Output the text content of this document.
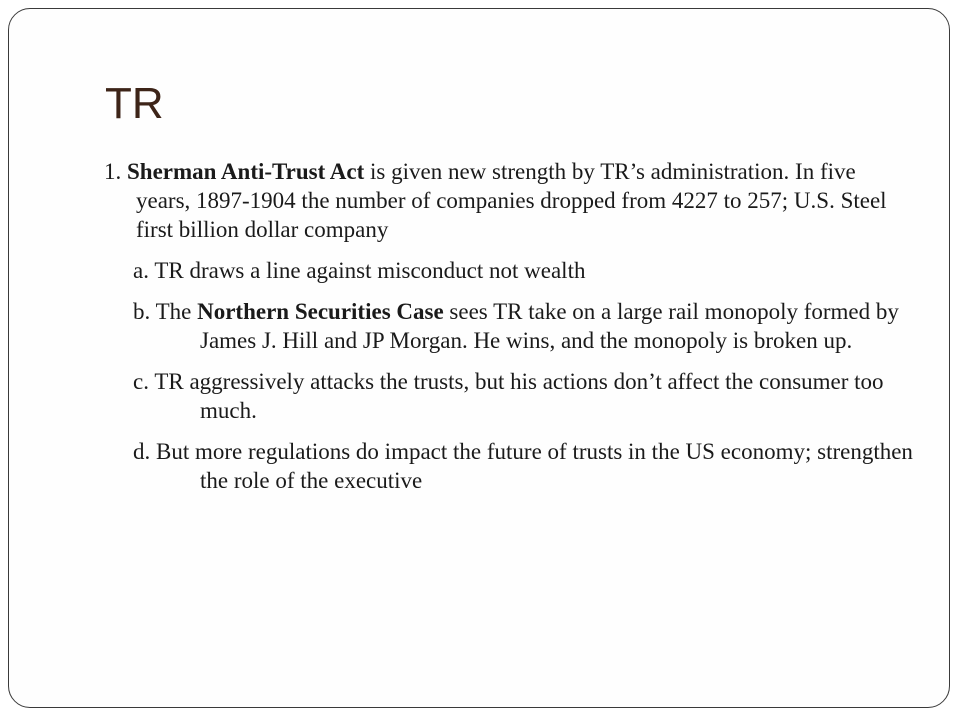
TR

1. Sherman Anti-Trust Act is given new strength by TR’s administration. In five years, 1897-1904 the number of companies dropped from 4227 to 257; U.S. Steel first billion dollar company

a. TR draws a line against misconduct not wealth

b. The Northern Securities Case sees TR take on a large rail monopoly formed by James J. Hill and JP Morgan. He wins, and the monopoly is broken up.

c. TR aggressively attacks the trusts, but his actions don’t affect the consumer too much.

d. But more regulations do impact the future of trusts in the US economy; strengthen the role of the executive
